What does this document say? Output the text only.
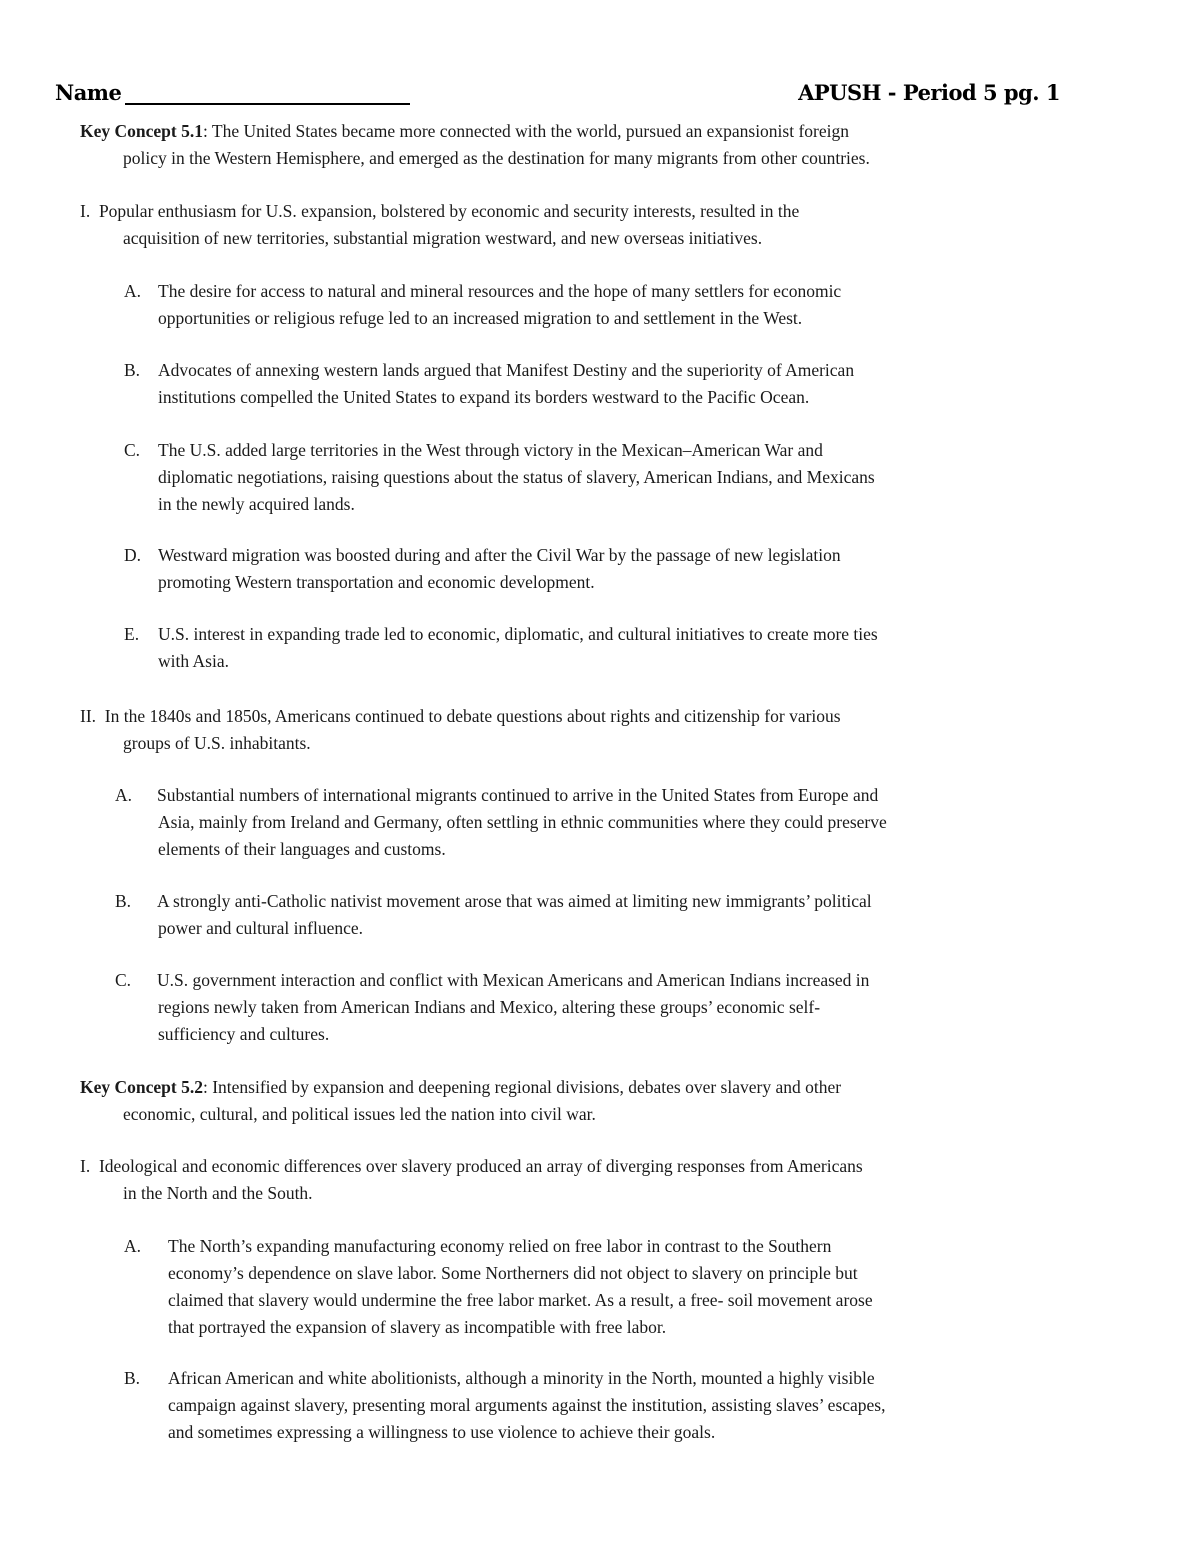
Name	APUSH - Period 5 pg. 1
Key Concept 5.1: The United States became more connected with the world, pursued an expansionist foreign
policy in the Western Hemisphere, and emerged as the destination for many migrants from other countries.
I. Popular enthusiasm for U.S. expansion, bolstered by economic and security interests, resulted in the
acquisition of new territories, substantial migration westward, and new overseas initiatives.
A. The desire for access to natural and mineral resources and the hope of many settlers for economic
opportunities or religious refuge led to an increased migration to and settlement in the West.
B. Advocates of annexing western lands argued that Manifest Destiny and the superiority of American
institutions compelled the United States to expand its borders westward to the Pacific Ocean.
C. The U.S. added large territories in the West through victory in the Mexican–American War and
diplomatic negotiations, raising questions about the status of slavery, American Indians, and Mexicans
in the newly acquired lands.
D. Westward migration was boosted during and after the Civil War by the passage of new legislation
promoting Western transportation and economic development.
E. U.S. interest in expanding trade led to economic, diplomatic, and cultural initiatives to create more ties
with Asia.
II. In the 1840s and 1850s, Americans continued to debate questions about rights and citizenship for various
groups of U.S. inhabitants.
A. Substantial numbers of international migrants continued to arrive in the United States from Europe and
Asia, mainly from Ireland and Germany, often settling in ethnic communities where they could preserve
elements of their languages and customs.
B. A strongly anti-Catholic nativist movement arose that was aimed at limiting new immigrants’ political
power and cultural influence.
C. U.S. government interaction and conflict with Mexican Americans and American Indians increased in
regions newly taken from American Indians and Mexico, altering these groups’ economic self-
sufficiency and cultures.
Key Concept 5.2: Intensified by expansion and deepening regional divisions, debates over slavery and other
economic, cultural, and political issues led the nation into civil war.
I. Ideological and economic differences over slavery produced an array of diverging responses from Americans
in the North and the South.
A. The North’s expanding manufacturing economy relied on free labor in contrast to the Southern
economy’s dependence on slave labor. Some Northerners did not object to slavery on principle but
claimed that slavery would undermine the free labor market. As a result, a free- soil movement arose
that portrayed the expansion of slavery as incompatible with free labor.
B. African American and white abolitionists, although a minority in the North, mounted a highly visible
campaign against slavery, presenting moral arguments against the institution, assisting slaves’ escapes,
and sometimes expressing a willingness to use violence to achieve their goals.
